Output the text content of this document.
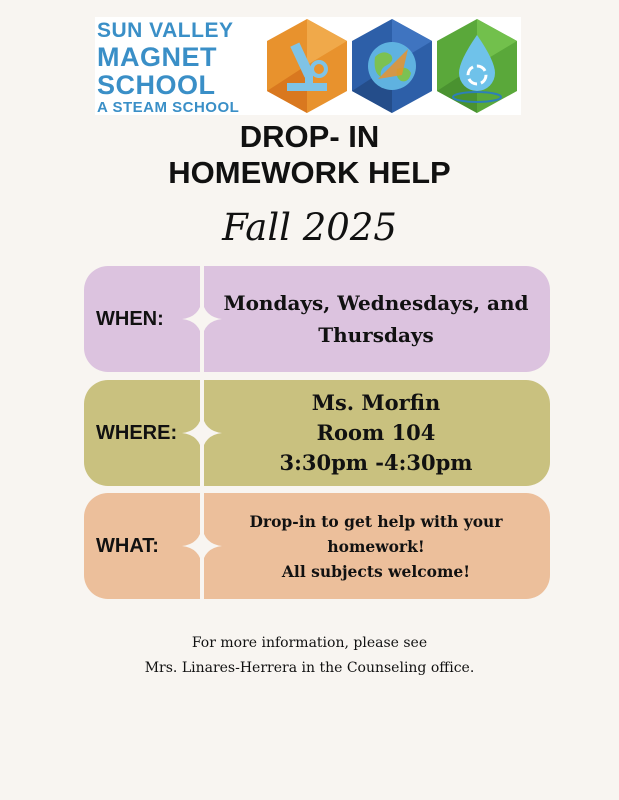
SUN VALLEY
MAGNET
SCHOOL
A STEAM SCHOOL
DROP- IN
HOMEWORK HELP
Fall 2025
WHEN:
Mondays, Wednesdays, and
Thursdays
WHERE:
Ms. Morfin
Room 104
3:30pm -4:30pm
WHAT:
Drop-in to get help with your
homework!
All subjects welcome!
For more information, please see
Mrs. Linares-Herrera in the Counseling office.
